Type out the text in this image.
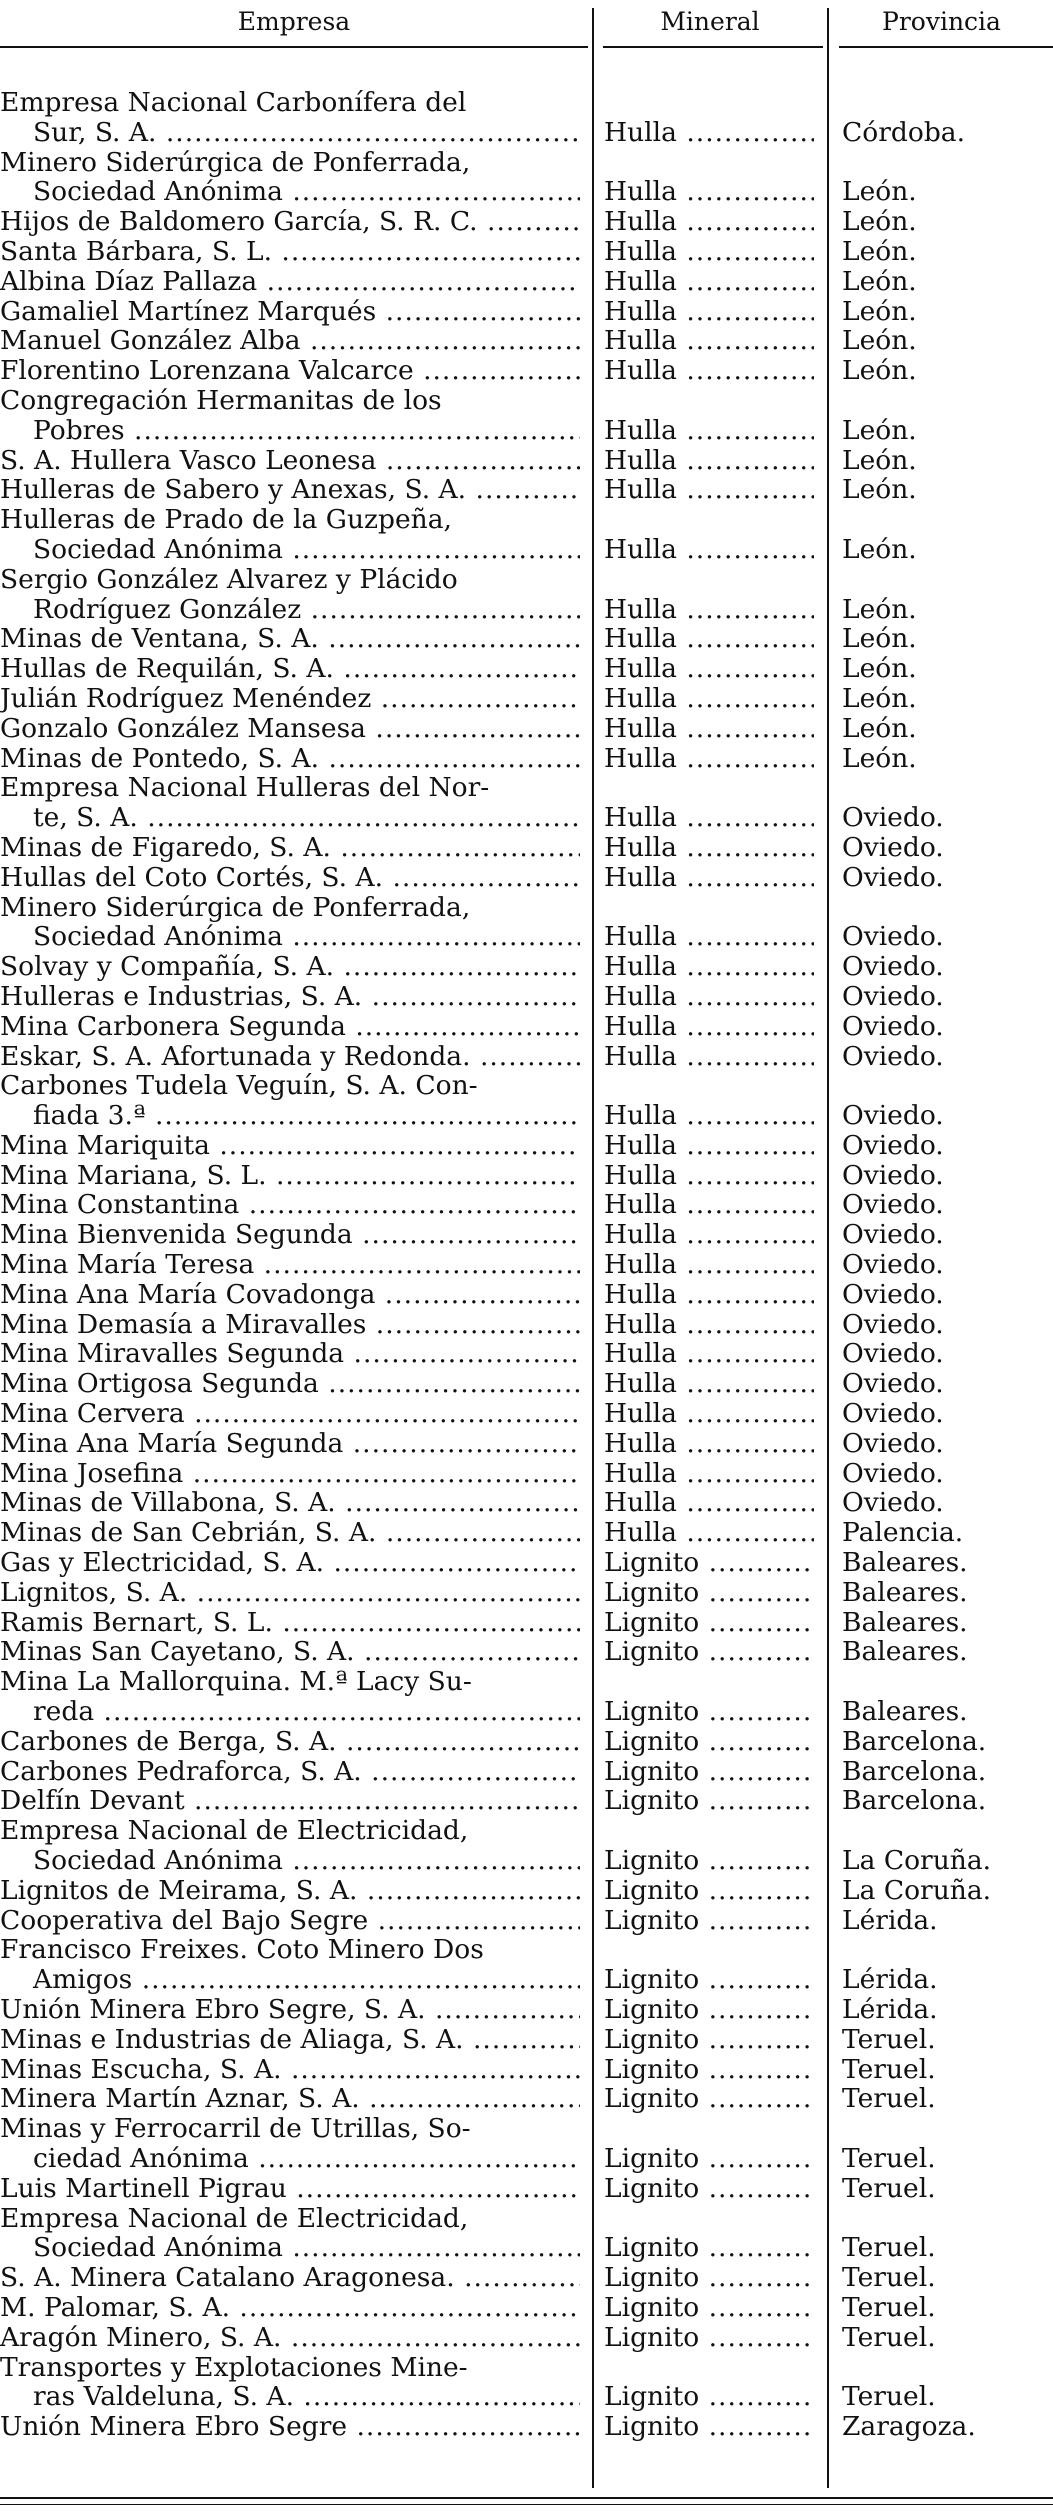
Empresa	Mineral	Provincia
Empresa Nacional Carbonífera del
Sur, S. A. .....	Hulla .....	Córdoba.
Minero Siderúrgica de Ponferrada,
Sociedad Anónima .....	Hulla .....	León.
Hijos de Baldomero García, S. R. C. .....	Hulla .....	León.
Santa Bárbara, S. L. .....	Hulla .....	León.
Albina Díaz Pallaza .....	Hulla .....	León.
Gamaliel Martínez Marqués .....	Hulla .....	León.
Manuel González Alba .....	Hulla .....	León.
Florentino Lorenzana Valcarce .....	Hulla .....	León.
Congregación Hermanitas de los
Pobres .....	Hulla .....	León.
S. A. Hullera Vasco Leonesa .....	Hulla .....	León.
Hulleras de Sabero y Anexas, S. A. .....	Hulla .....	León.
Hulleras de Prado de la Guzpeña,
Sociedad Anónima .....	Hulla .....	León.
Sergio González Alvarez y Plácido
Rodríguez González .....	Hulla .....	León.
Minas de Ventana, S. A. .....	Hulla .....	León.
Hullas de Requilán, S. A. .....	Hulla .....	León.
Julián Rodríguez Menéndez .....	Hulla .....	León.
Gonzalo González Mansesa .....	Hulla .....	León.
Minas de Pontedo, S. A. .....	Hulla .....	León.
Empresa Nacional Hulleras del Nor-
te, S. A. .....	Hulla .....	Oviedo.
Minas de Figaredo, S. A. .....	Hulla .....	Oviedo.
Hullas del Coto Cortés, S. A. .....	Hulla .....	Oviedo.
Minero Siderúrgica de Ponferrada,
Sociedad Anónima .....	Hulla .....	Oviedo.
Solvay y Compañía, S. A. .....	Hulla .....	Oviedo.
Hulleras e Industrias, S. A. .....	Hulla .....	Oviedo.
Mina Carbonera Segunda .....	Hulla .....	Oviedo.
Eskar, S. A. Afortunada y Redonda. .....	Hulla .....	Oviedo.
Carbones Tudela Veguín, S. A. Con-
fiada 3.ª .....	Hulla .....	Oviedo.
Mina Mariquita .....	Hulla .....	Oviedo.
Mina Mariana, S. L. .....	Hulla .....	Oviedo.
Mina Constantina .....	Hulla .....	Oviedo.
Mina Bienvenida Segunda .....	Hulla .....	Oviedo.
Mina María Teresa .....	Hulla .....	Oviedo.
Mina Ana María Covadonga .....	Hulla .....	Oviedo.
Mina Demasía a Miravalles .....	Hulla .....	Oviedo.
Mina Miravalles Segunda .....	Hulla .....	Oviedo.
Mina Ortigosa Segunda .....	Hulla .....	Oviedo.
Mina Cervera .....	Hulla .....	Oviedo.
Mina Ana María Segunda .....	Hulla .....	Oviedo.
Mina Josefina .....	Hulla .....	Oviedo.
Minas de Villabona, S. A. .....	Hulla .....	Oviedo.
Minas de San Cebrián, S. A. .....	Hulla .....	Palencia.
Gas y Electricidad, S. A. .....	Lignito .....	Baleares.
Lignitos, S. A. .....	Lignito .....	Baleares.
Ramis Bernart, S. L. .....	Lignito .....	Baleares.
Minas San Cayetano, S. A. .....	Lignito .....	Baleares.
Mina La Mallorquina. M.ª Lacy Su-
reda .....	Lignito .....	Baleares.
Carbones de Berga, S. A. .....	Lignito .....	Barcelona.
Carbones Pedraforca, S. A. .....	Lignito .....	Barcelona.
Delfín Devant .....	Lignito .....	Barcelona.
Empresa Nacional de Electricidad,
Sociedad Anónima .....	Lignito .....	La Coruña.
Lignitos de Meirama, S. A. .....	Lignito .....	La Coruña.
Cooperativa del Bajo Segre .....	Lignito .....	Lérida.
Francisco Freixes. Coto Minero Dos
Amigos .....	Lignito .....	Lérida.
Unión Minera Ebro Segre, S. A. .....	Lignito .....	Lérida.
Minas e Industrias de Aliaga, S. A. .....	Lignito .....	Teruel.
Minas Escucha, S. A. .....	Lignito .....	Teruel.
Minera Martín Aznar, S. A. .....	Lignito .....	Teruel.
Minas y Ferrocarril de Utrillas, So-
ciedad Anónima .....	Lignito .....	Teruel.
Luis Martinell Pigrau .....	Lignito .....	Teruel.
Empresa Nacional de Electricidad,
Sociedad Anónima .....	Lignito .....	Teruel.
S. A. Minera Catalano Aragonesa. .....	Lignito .....	Teruel.
M. Palomar, S. A. .....	Lignito .....	Teruel.
Aragón Minero, S. A. .....	Lignito .....	Teruel.
Transportes y Explotaciones Mine-
ras Valdeluna, S. A. .....	Lignito .....	Teruel.
Unión Minera Ebro Segre .....	Lignito .....	Zaragoza.
